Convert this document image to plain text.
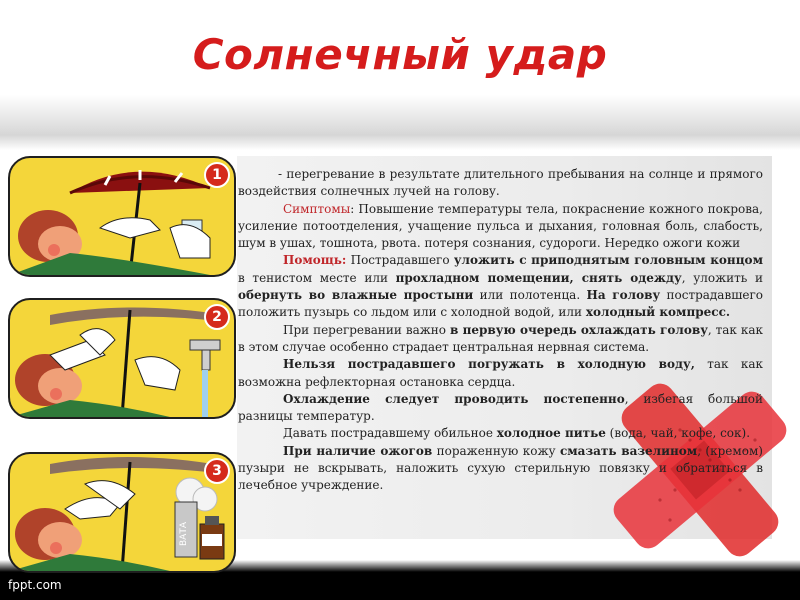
Солнечный удар

- перегревание в результате длительного пребывания на солнце и прямого воздействия солнечных лучей на голову.

Симптомы: Повышение температуры тела, покраснение кожного покрова, усиление потоотделения, учащение пульса и дыхания, головная боль, слабость, шум в ушах, тошнота, рвота. потеря сознания, судороги. Нередко ожоги кожи

Помощь: Пострадавшего уложить с приподнятым головным концом в тенистом месте или прохладном помещении, снять одежду, уложить и обернуть во влажные простыни или полотенца. На голову пострадавшего положить пузырь со льдом или с холодной водой, или холодный компресс.

При перегревании важно в первую очередь охлаждать голову, так как в этом случае особенно страдает центральная нервная система.

Нельзя пострадавшего погружать в холодную воду, так как возможна рефлекторная остановка сердца.

Охлаждение следует проводить постепенно, избегая большой разницы температур.

Давать пострадавшему обильное холодное питье (вода, чай, кофе, сок).

При наличие ожогов пораженную кожу смазать вазелином, (кремом) пузыри не вскрывать, наложить сухую стерильную повязку и обратиться в лечебное учреждение.

1
2
ВАТА
3
fppt.com
